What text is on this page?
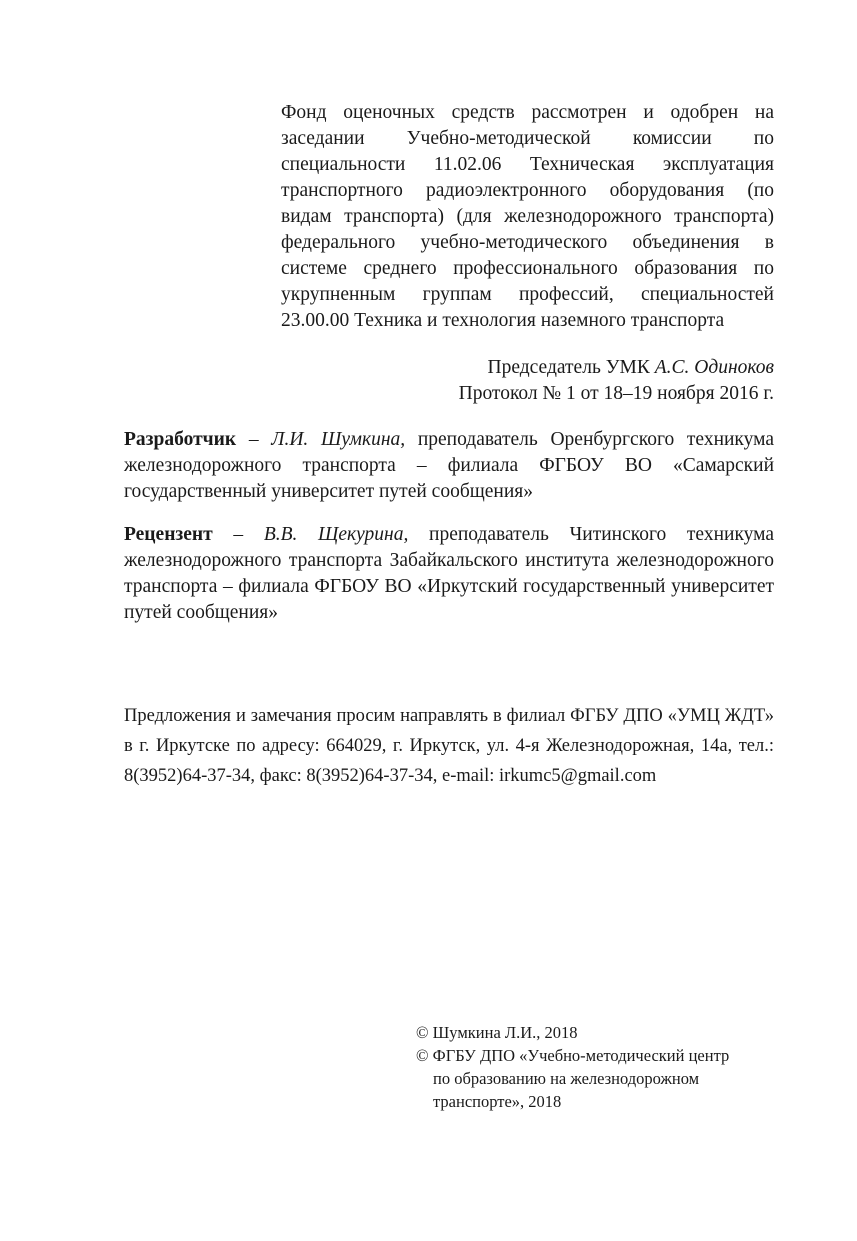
Фонд оценочных средств рассмотрен и одобрен на заседании Учебно-методической комиссии по специальности 11.02.06 Техническая эксплуатация транспортного радиоэлектронного оборудования (по видам транспорта) (для железнодорожного транспорта) федерального учебно-методического объединения в системе среднего профессионального образования по укрупненным группам профессий, специальностей 23.00.00 Техника и технология наземного транспорта

Председатель УМК А.С. Одиноков
Протокол № 1 от 18–19 ноября 2016 г.

Разработчик – Л.И. Шумкина, преподаватель Оренбургского техникума железнодорожного транспорта – филиала ФГБОУ ВО «Самарский государственный университет путей сообщения»

Рецензент – В.В. Щекурина, преподаватель Читинского техникума железнодорожного транспорта Забайкальского института железнодорожного транспорта – филиала ФГБОУ ВО «Иркутский государственный университет путей сообщения»

Предложения и замечания просим направлять в филиал ФГБУ ДПО «УМЦ ЖДТ» в г. Иркутске по адресу: 664029, г. Иркутск, ул. 4-я Железнодорожная, 14а, тел.: 8(3952)64-37-34, факс: 8(3952)64-37-34, e-mail: irkumc5@gmail.com

© Шумкина Л.И., 2018
© ФГБУ ДПО «Учебно-методический центр
по образованию на железнодорожном
транспорте», 2018
